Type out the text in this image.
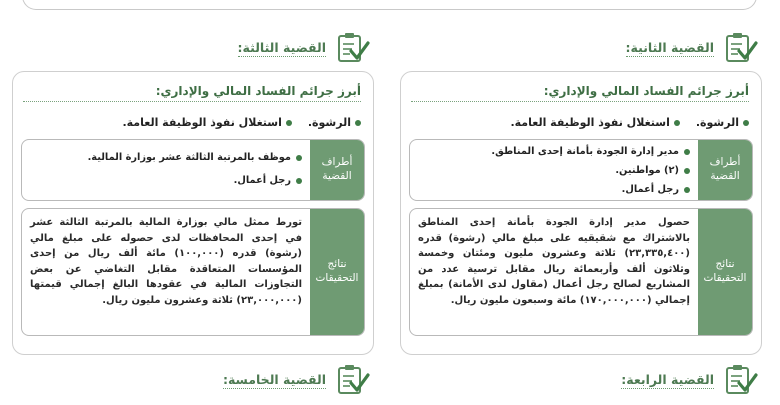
القضية الثانية:
القضية الثالثة:
القضية الرابعة:
القضية الخامسة:
أبرز جرائم الفساد المالي والإداري:
الرشوة.
استغلال نفوذ الوظيفة العامة.
أطراف القضية
مدير إدارة الجودة بأمانة إحدى المناطق.
(٢) مواطنين.
رجل أعمال.
نتائج التحقيقات
حصول مدير إدارة الجودة بأمانة إحدى المناطق بالاشتراك مع شقيقيه على مبلغ مالي (رشوة) قدره (٢٣,٣٣٥,٤٠٠) ثلاثة وعشرون مليون ومئتان وخمسة وثلاثون ألف وأربعمائة ريال مقابل ترسية عدد من المشاريع لصالح رجل أعمال (مقاول لدى الأمانة) بمبلغ إجمالي (١٧٠,٠٠٠,٠٠٠) مائة وسبعون مليون ريال.
أبرز جرائم الفساد المالي والإداري:
الرشوة.
استغلال نفوذ الوظيفة العامة.
أطراف القضية
موظف بالمرتبة الثالثة عشر بوزارة المالية.
رجل أعمال.
نتائج التحقيقات
تورط ممثل مالي بوزارة المالية بالمرتبة الثالثة عشر في إحدى المحافظات لدى حصوله على مبلغ مالي (رشوة) قدره (١٠٠,٠٠٠) مائة ألف ريال من إحدى المؤسسات المتعاقدة مقابل التغاضي عن بعض التجاوزات المالية في عقودها البالغ إجمالي قيمتها (٢٣,٠٠٠,٠٠٠) ثلاثة وعشرون مليون ريال.
